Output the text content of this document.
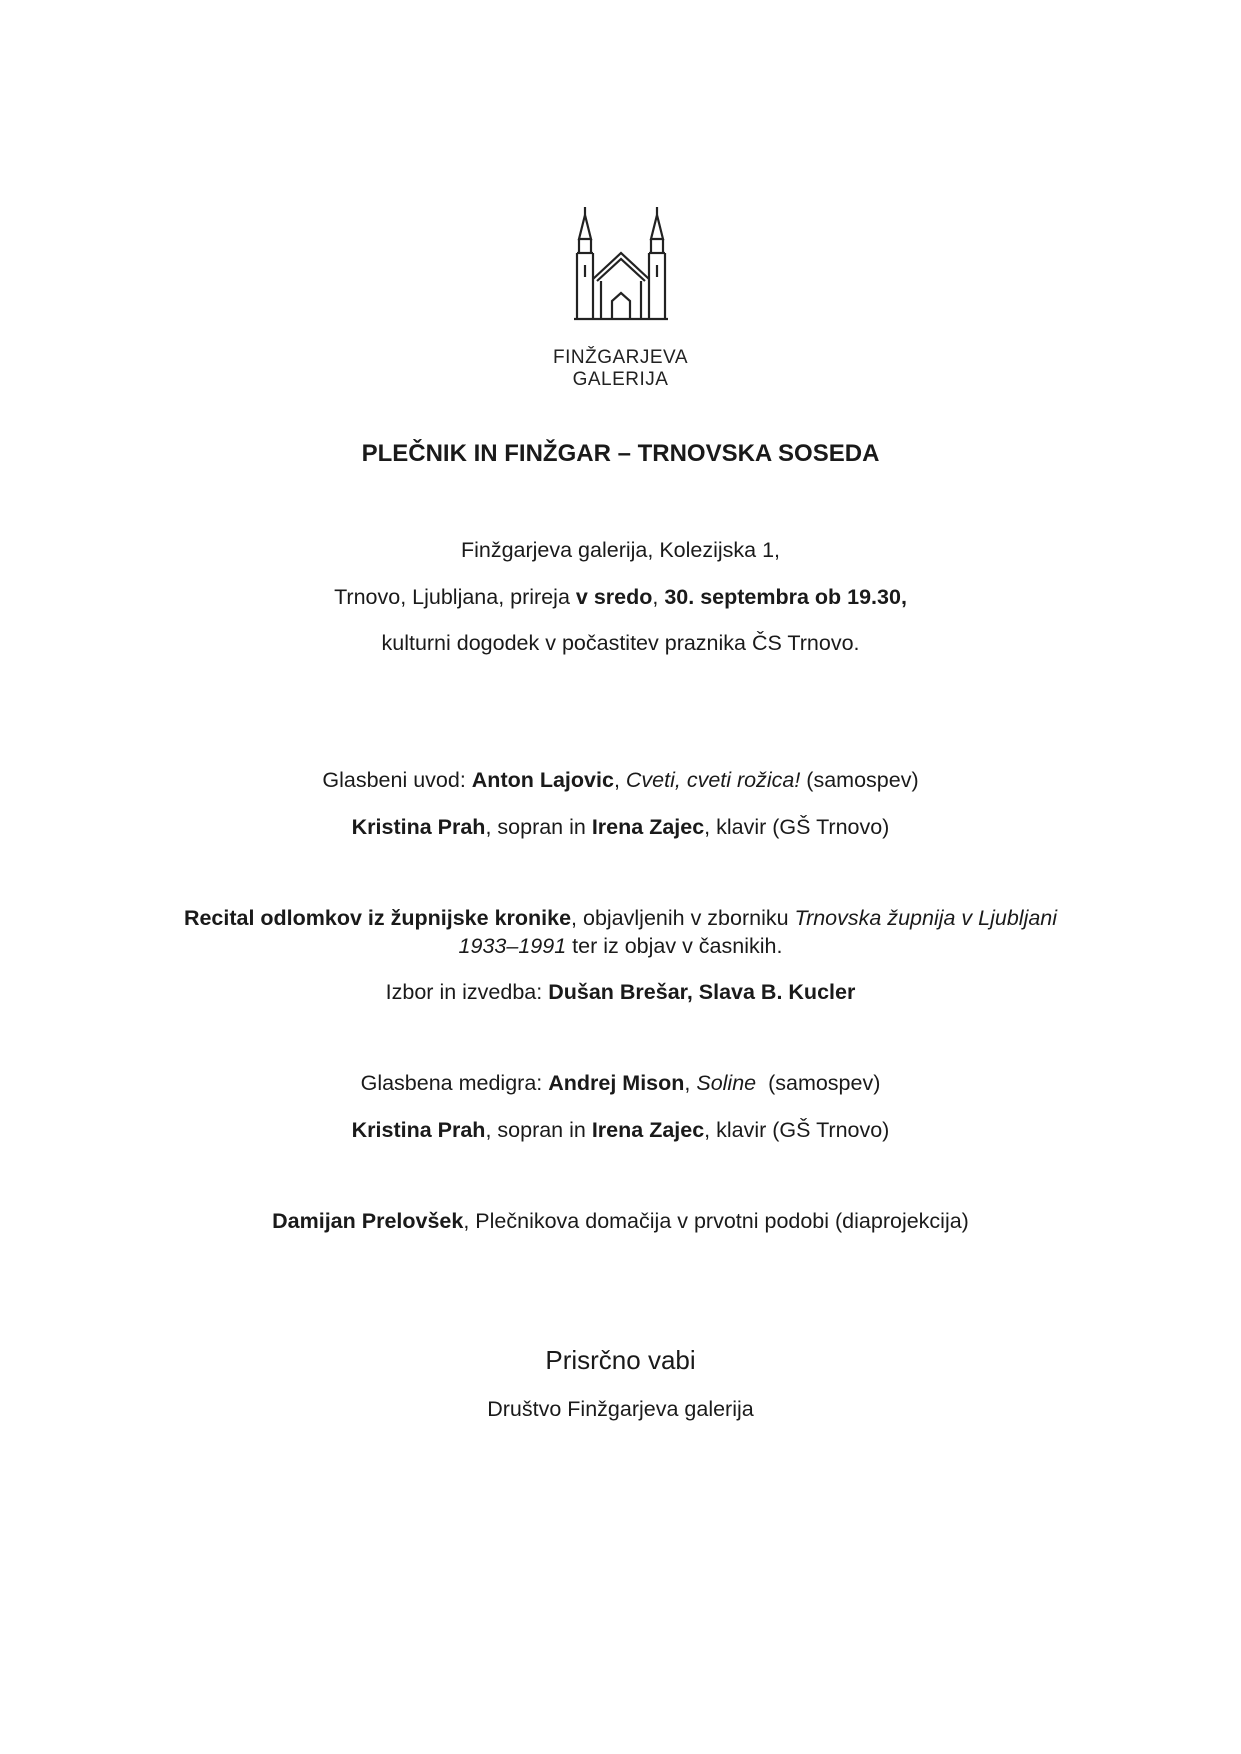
FINŽGARJEVA
GALERIJA
PLEČNIK IN FINŽGAR – TRNOVSKA SOSEDA
Finžgarjeva galerija, Kolezijska 1,
Trnovo, Ljubljana, prireja v sredo, 30. septembra ob 19.30,
kulturni dogodek v počastitev praznika ČS Trnovo.
Glasbeni uvod: Anton Lajovic, Cveti, cveti rožica! (samospev)
Kristina Prah, sopran in Irena Zajec, klavir (GŠ Trnovo)
Recital odlomkov iz župnijske kronike, objavljenih v zborniku Trnovska župnija v Ljubljani
1933–1991 ter iz objav v časnikih.
Izbor in izvedba: Dušan Brešar, Slava B. Kucler
Glasbena medigra: Andrej Mison, Soline  (samospev)
Kristina Prah, sopran in Irena Zajec, klavir (GŠ Trnovo)
Damijan Prelovšek, Plečnikova domačija v prvotni podobi (diaprojekcija)
Prisrčno vabi
Društvo Finžgarjeva galerija
